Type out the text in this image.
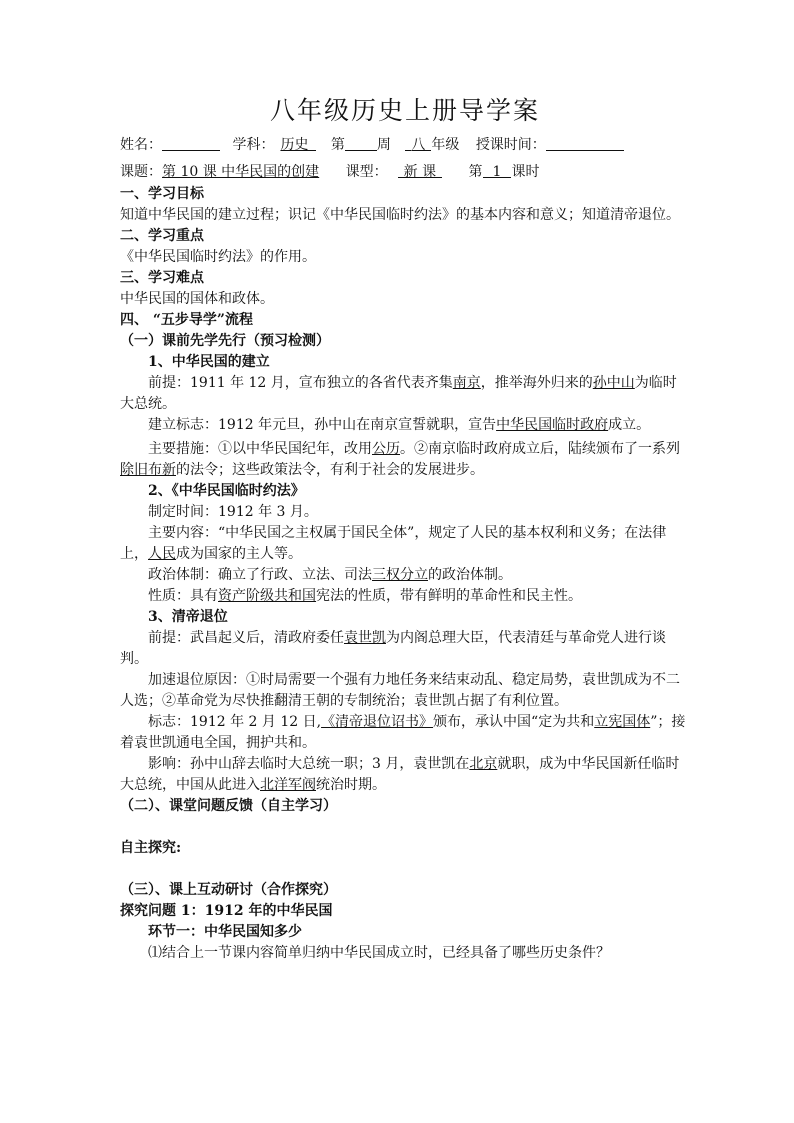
八年级历史上册导学案
姓名：	学科： 历史 第 周 八 年级 授课时间：
课题：第 10 课 中华民国的创建 课型： 新 课 第 1 课时
一、学习目标
知道中华民国的建立过程；识记《中华民国临时约法》的基本内容和意义；知道清帝退位。
二、学习重点
《中华民国临时约法》的作用。
三、学习难点
中华民国的国体和政体。
四、 “五步导学”流程
（一）课前先学先行（预习检测）
1、中华民国的建立
前提：1911 年 12 月，宣布独立的各省代表齐集南京，推举海外归来的孙中山为临时大总统。
建立标志：1912 年元旦，孙中山在南京宣誓就职，宣告中华民国临时政府成立。
主要措施：①以中华民国纪年，改用公历。②南京临时政府成立后，陆续颁布了一系列除旧布新的法令；这些政策法令，有利于社会的发展进步。
2、《中华民国临时约法》
制定时间：1912 年 3 月。
主要内容：“中华民国之主权属于国民全体”，规定了人民的基本权利和义务；在法律上，人民成为国家的主人等。
政治体制：确立了行政、立法、司法三权分立的政治体制。
性质：具有资产阶级共和国宪法的性质，带有鲜明的革命性和民主性。
3、清帝退位
前提：武昌起义后，清政府委任袁世凯为内阁总理大臣，代表清廷与革命党人进行谈判。
加速退位原因：①时局需要一个强有力地任务来结束动乱、稳定局势，袁世凯成为不二人选；②革命党为尽快推翻清王朝的专制统治；袁世凯占据了有利位置。
标志：1912 年 2 月 12 日,《清帝退位诏书》颁布，承认中国“定为共和立宪国体”；接着袁世凯通电全国，拥护共和。
影响：孙中山辞去临时大总统一职；3 月，袁世凯在北京就职，成为中华民国新任临时大总统，中国从此进入北洋军阀统治时期。
（二）、课堂问题反馈（自主学习）
自主探究:
（三）、课上互动研讨（合作探究）
探究问题 1：1912 年的中华民国
环节一：中华民国知多少
⑴结合上一节课内容简单归纳中华民国成立时，已经具备了哪些历史条件？
